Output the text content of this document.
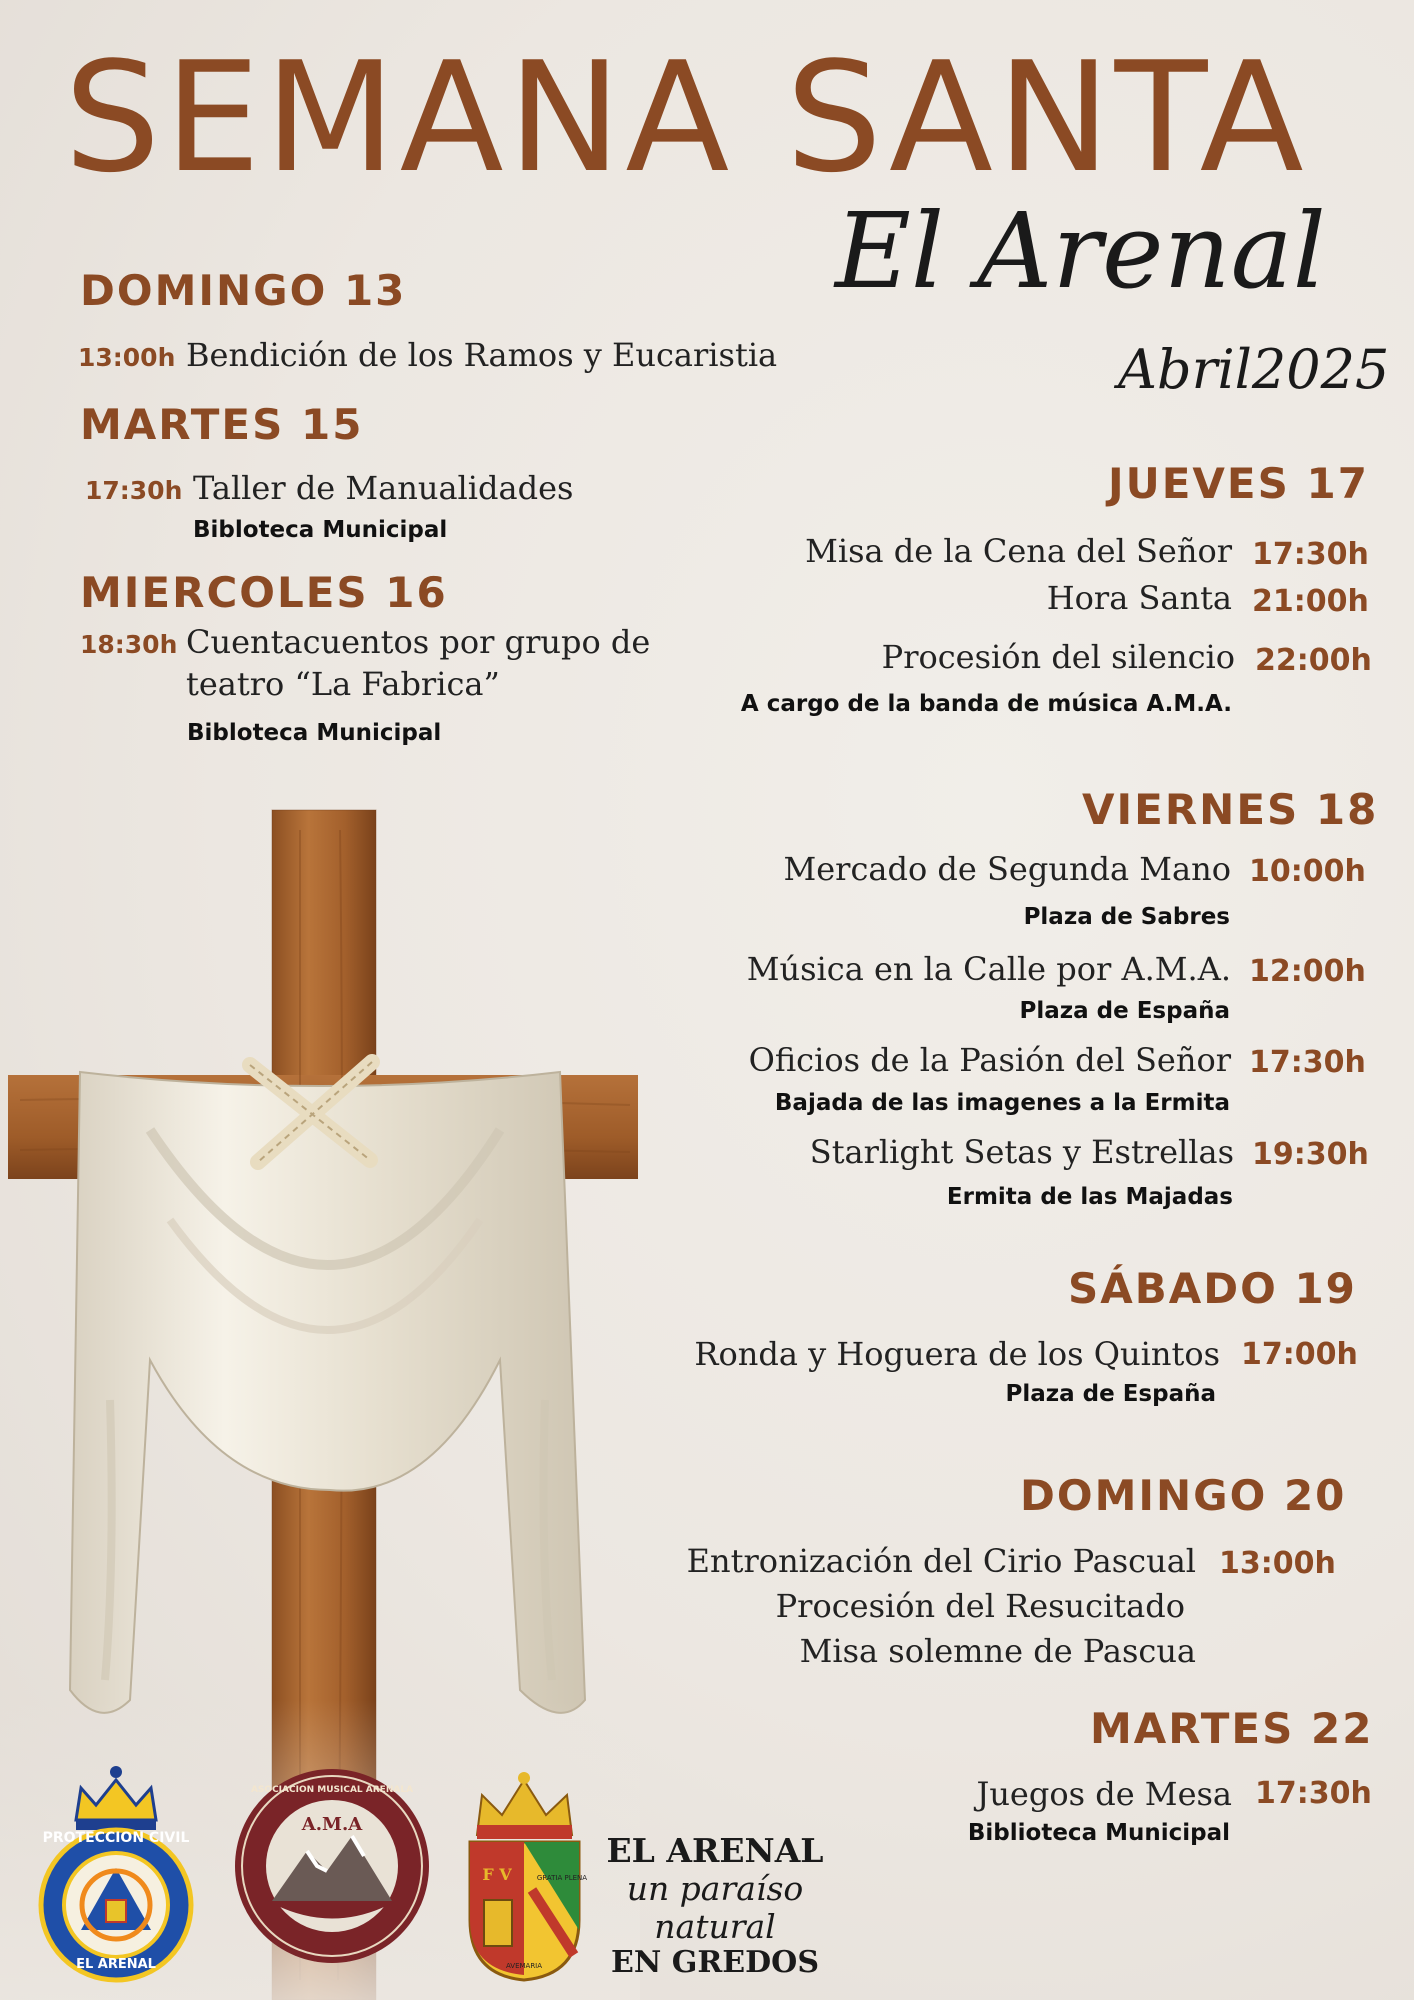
SEMANA SANTA
El Arenal
Abril2025
DOMINGO 13
13:00h Bendición de los Ramos y Eucaristia
MARTES 15
17:30h Taller de Manualidades
Bibloteca Municipal
MIERCOLES 16
18:30h Cuentacuentos por grupo de
teatro “La Fabrica”
Bibloteca Municipal
JUEVES 17
Misa de la Cena del Señor 17:30h
Hora Santa 21:00h
Procesión del silencio 22:00h
A cargo de la banda de música A.M.A.
VIERNES 18
Mercado de Segunda Mano 10:00h
Plaza de Sabres
Música en la Calle por A.M.A. 12:00h
Plaza de España
Oficios de la Pasión del Señor 17:30h
Bajada de las imagenes a la Ermita
Starlight Setas y Estrellas 19:30h
Ermita de las Majadas
SÁBADO 19
Ronda y Hoguera de los Quintos 17:00h
Plaza de España
DOMINGO 20
Entronización del Cirio Pascual 13:00h
Procesión del Resucitado
Misa solemne de Pascua
MARTES 22
Juegos de Mesa 17:30h
Biblioteca Municipal
PROTECCION CIVIL
EL ARENAL
A.M.A
ASOCIACION MUSICAL ARENALA
F V
AVEMARIA
GRATIA PLENA
EL ARENAL
un paraíso natural
EN GREDOS
